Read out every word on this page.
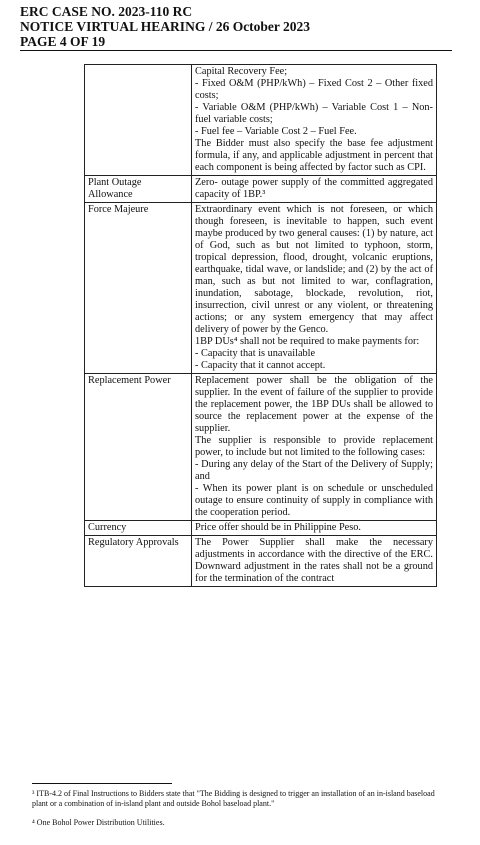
ERC CASE NO. 2023-110 RC
NOTICE VIRTUAL HEARING / 26 October 2023
PAGE 4 OF 19

	Capital Recovery Fee;

- Fixed O&M (PHP/kWh) – Fixed Cost 2 – Other fixed costs;

- Variable O&M (PHP/kWh) – Variable Cost 1 – Non-fuel variable costs;

- Fuel fee – Variable Cost 2 – Fuel Fee.

The Bidder must also specify the base fee adjustment formula, if any, and applicable adjustment in percent that each component is being affected by factor such as CPI.

Plant Outage Allowance	Zero- outage power supply of the committed aggregated capacity of 1BP.³

Force Majeure	Extraordinary event which is not foreseen, or which though foreseen, is inevitable to happen, such event maybe produced by two general causes: (1) by nature, act of God, such as but not limited to typhoon, storm, tropical depression, flood, drought, volcanic eruptions, earthquake, tidal wave, or landslide; and (2) by the act of man, such as but not limited to war, conflagration, inundation, sabotage, blockade, revolution, riot, insurrection, civil unrest or any violent, or threatening actions; or any system emergency that may affect delivery of power by the Genco.

1BP DUs⁴ shall not be required to make payments for:

- Capacity that is unavailable

- Capacity that it cannot accept.

Replacement Power	Replacement power shall be the obligation of the supplier. In the event of failure of the supplier to provide the replacement power, the 1BP DUs shall be allowed to source the replacement power at the expense of the supplier.

The supplier is responsible to provide replacement power, to include but not limited to the following cases:

- During any delay of the Start of the Delivery of Supply; and

- When its power plant is on schedule or unscheduled outage to ensure continuity of supply in compliance with the cooperation period.

Currency	Price offer should be in Philippine Peso.

Regulatory Approvals	The Power Supplier shall make the necessary adjustments in accordance with the directive of the ERC. Downward adjustment in the rates shall not be a ground for the termination of the contract

³ ITB-4.2 of Final Instructions to Bidders state that "The Bidding is designed to trigger an installation of an in-island baseload plant or a combination of in-island plant and outside Bohol baseload plant."
⁴ One Bohol Power Distribution Utilities.
